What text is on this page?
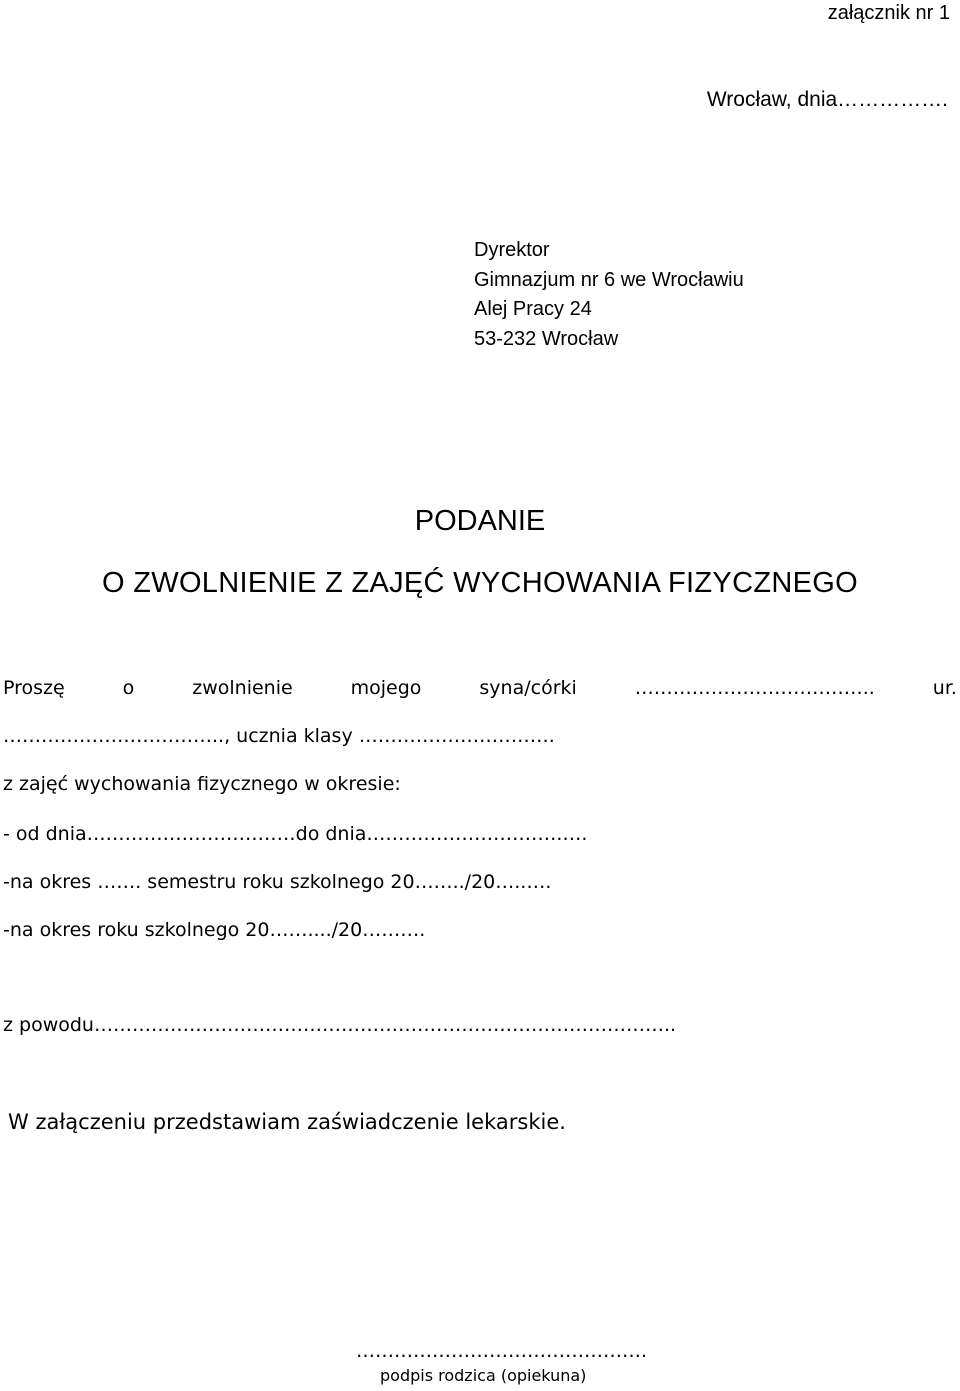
załącznik nr 1
Wrocław, dnia…………….
Dyrektor
Gimnazjum nr 6 we Wrocławiu
Alej Pracy 24
53-232 Wrocław
PODANIE
O ZWOLNIENIE Z ZAJĘĆ WYCHOWANIA FIZYCZNEGO
Proszę	o	zwolnienie	mojego	syna/córki	………………………………..	ur.
…………………………….., ucznia klasy ………………………….
z zajęć wychowania fizycznego w okresie:
- od dnia……………………………do dnia………………………….….
-na okres ……. semestru roku szkolnego 20……../20…..….
-na okres roku szkolnego 20……..../20……….
z powodu………………………………………………………………………………..
W załączeniu przedstawiam zaświadczenie lekarskie.
……………………………………….
podpis rodzica (opiekuna)
